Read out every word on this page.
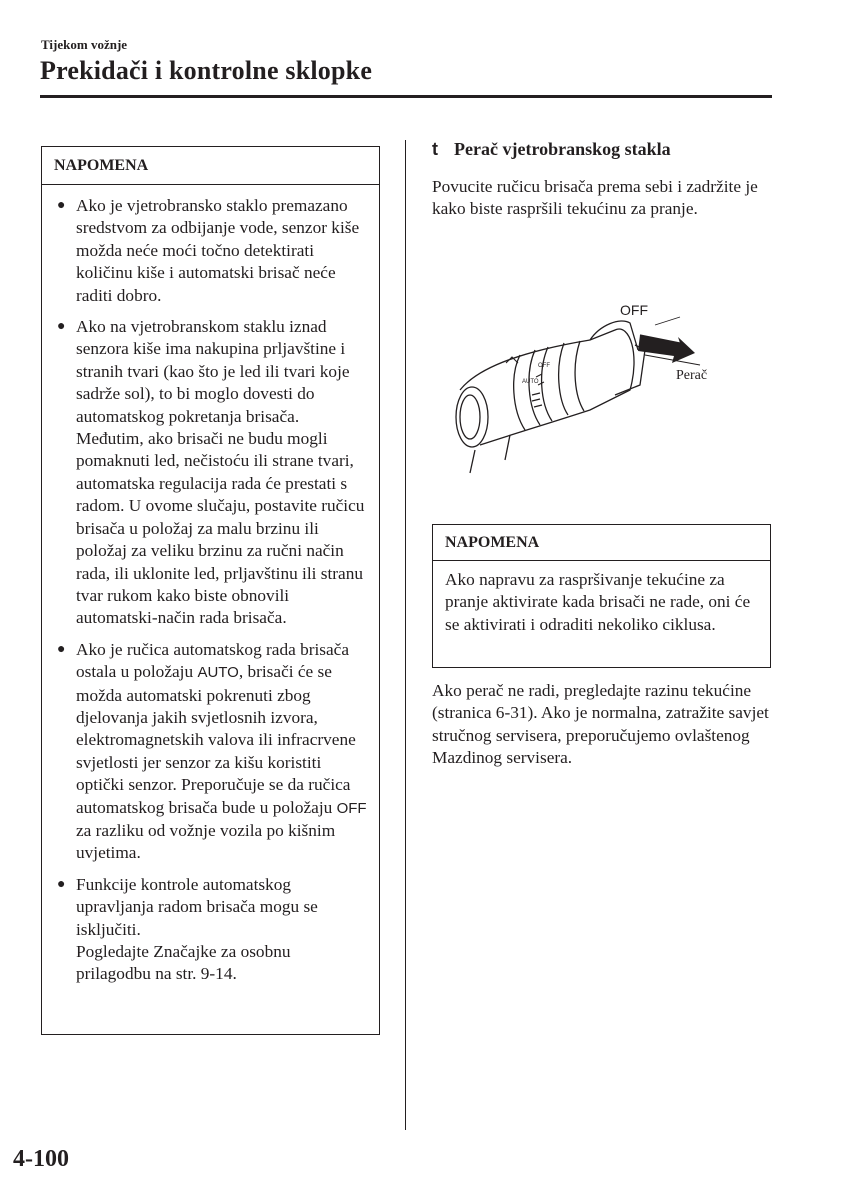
Tijekom vožnje
Prekidači i kontrolne sklopke
NAPOMENA
● Ako je vjetrobransko staklo premazano sredstvom za odbijanje vode, senzor kiše možda neće moći točno detektirati količinu kiše i automatski brisač neće raditi dobro.
● Ako na vjetrobranskom staklu iznad senzora kiše ima nakupina prljavštine i stranih tvari (kao što je led ili tvari koje sadrže sol), to bi moglo dovesti do automatskog pokretanja brisača. Međutim, ako brisači ne budu mogli pomaknuti led, nečistoću ili strane tvari, automatska regulacija rada će prestati s radom. U ovome slučaju, postavite ručicu brisača u položaj za malu brzinu ili položaj za veliku brzinu za ručni način rada, ili uklonite led, prljavštinu ili stranu tvar rukom kako biste obnovili automatski-način rada brisača.
● Ako je ručica automatskog rada brisača ostala u položaju AUTO, brisači će se možda automatski pokrenuti zbog djelovanja jakih svjetlosnih izvora, elektromagnetskih valova ili infracrvene svjetlosti jer senzor za kišu koristiti optički senzor. Preporučuje se da ručica automatskog brisača bude u položaju OFF za razliku od vožnje vozila po kišnim uvjetima.
● Funkcije kontrole automatskog upravljanja radom brisača mogu se isključiti.
Pogledajte Značajke za osobnu prilagodbu na str. 9-14.
t Perač vjetrobranskog stakla

Povucite ručicu brisača prema sebi i zadržite je kako biste raspršili tekućinu za pranje.

OFF
AUTO
OFF
Perač
NAPOMENA
Ako napravu za raspršivanje tekućine za pranje aktivirate kada brisači ne rade, oni će se aktivirati i odraditi nekoliko ciklusa.

Ako perač ne radi, pregledajte razinu tekućine (stranica 6-31). Ako je normalna, zatražite savjet stručnog servisera, preporučujemo ovlaštenog Mazdinog servisera.

4-100
